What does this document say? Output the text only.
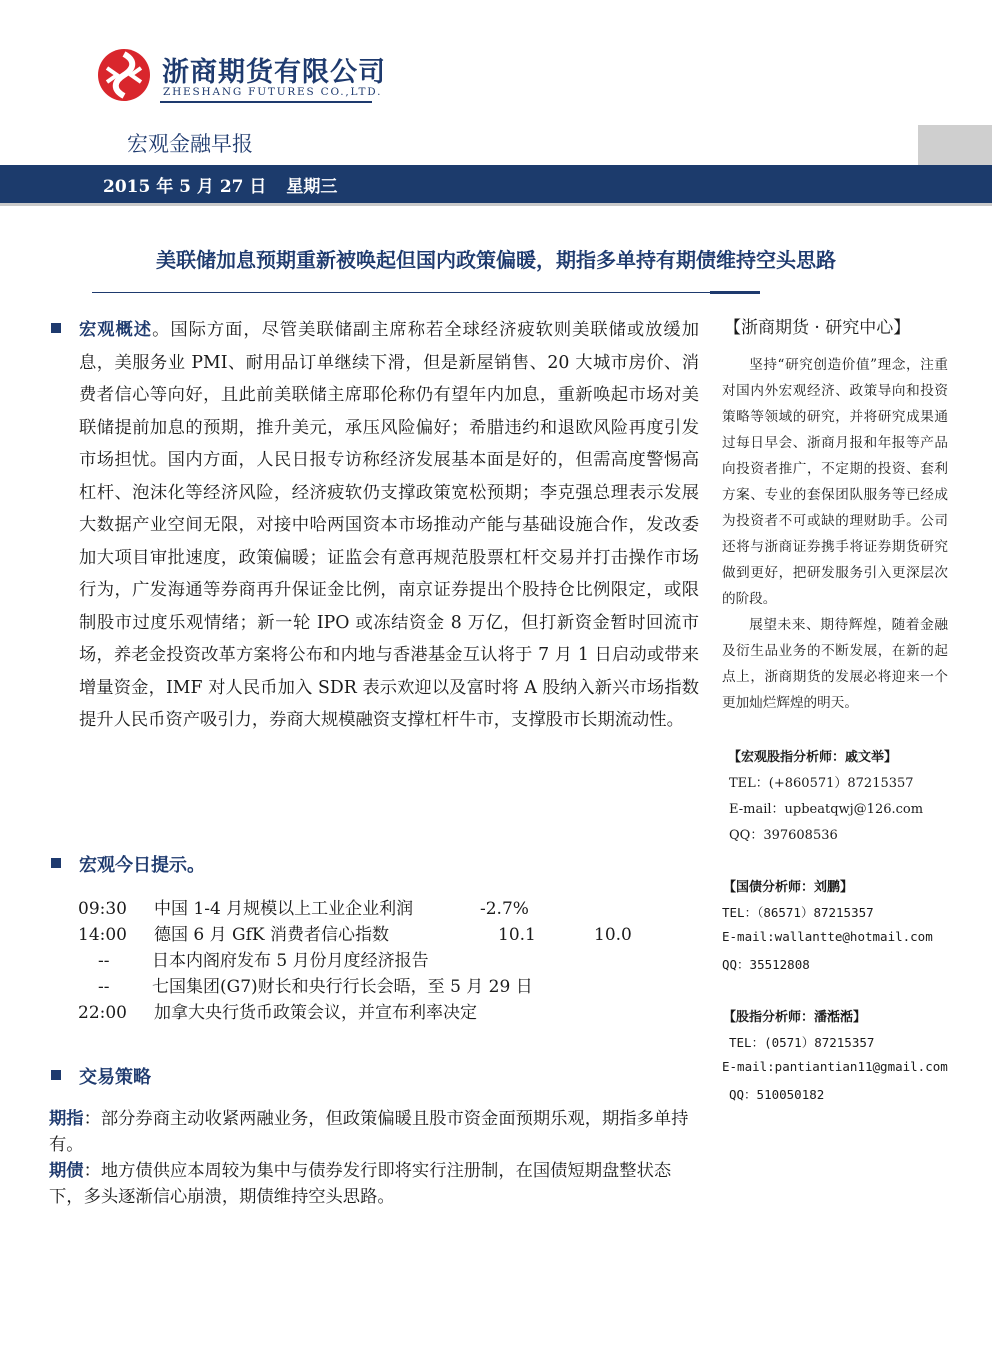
浙商期货有限公司
ZHESHANG FUTURES CO.,LTD.
宏观金融早报
2015 年 5 月 27 日 星期三
美联储加息预期重新被唤起但国内政策偏暖，期指多单持有期债维持空头思路
宏观概述。国际方面，尽管美联储副主席称若全球经济疲软则美联储或放缓加息，美服务业 PMI、耐用品订单继续下滑，但是新屋销售、20 大城市房价、消费者信心等向好，且此前美联储主席耶伦称仍有望年内加息，重新唤起市场对美联储提前加息的预期，推升美元，承压风险偏好；希腊违约和退欧风险再度引发市场担忧。国内方面，人民日报专访称经济发展基本面是好的，但需高度警惕高杠杆、泡沫化等经济风险，经济疲软仍支撑政策宽松预期；李克强总理表示发展大数据产业空间无限，对接中哈两国资本市场推动产能与基础设施合作，发改委加大项目审批速度，政策偏暖；证监会有意再规范股票杠杆交易并打击操作市场行为，广发海通等券商再升保证金比例，南京证券提出个股持仓比例限定，或限制股市过度乐观情绪；新一轮 IPO 或冻结资金 8 万亿，但打新资金暂时回流市场，养老金投资改革方案将公布和内地与香港基金互认将于 7 月 1 日启动或带来增量资金，IMF 对人民币加入 SDR 表示欢迎以及富时将 A 股纳入新兴市场指数提升人民币资产吸引力，券商大规模融资支撑杠杆牛市，支撑股市长期流动性。
宏观今日提示。
09:30 中国 1-4 月规模以上工业企业利润	-2.7%
14:00 德国 6 月 GfK 消费者信心指数	10.1	10.0
--	日本内阁府发布 5 月份月度经济报告
--	七国集团(G7)财长和央行行长会晤，至 5 月 29 日
22:00 加拿大央行货币政策会议，并宣布利率决定
交易策略
期指：部分券商主动收紧两融业务，但政策偏暖且股市资金面预期乐观，期指多单持有。
期债：地方债供应本周较为集中与债券发行即将实行注册制，在国债短期盘整状态下，多头逐渐信心崩溃，期债维持空头思路。
【浙商期货 · 研究中心】

坚持“研究创造价值”理念，注重对国内外宏观经济、政策导向和投资策略等领域的研究，并将研究成果通过每日早会、浙商月报和年报等产品向投资者推广，不定期的投资、套利方案、专业的套保团队服务等已经成为投资者不可或缺的理财助手。公司还将与浙商证券携手将证券期货研究做到更好，把研发服务引入更深层次的阶段。

展望未来、期待辉煌，随着金融及衍生品业务的不断发展，在新的起点上，浙商期货的发展必将迎来一个更加灿烂辉煌的明天。

【宏观股指分析师：戚文举】
TEL：(+860571）87215357
E-mail：upbeatqwj@126.com
QQ：397608536
【国债分析师：刘鹏】
TEL：（86571）87215357
E-mail:wallantte@hotmail.com
QQ：35512808
【股指分析师：潘湉湉】
TEL：(0571）87215357
E-mail:pantiantian11@gmail.com
QQ：510050182
